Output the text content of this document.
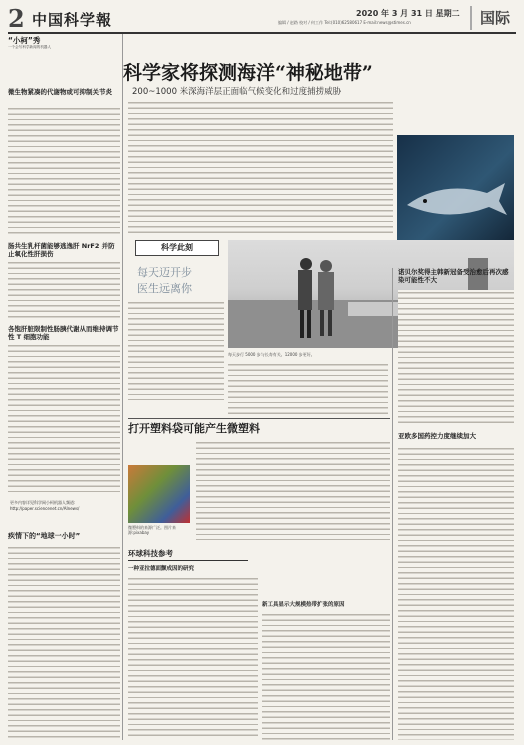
2 中国科学報	2020 年 3 月 31 日 星期二
编辑 / 赵路 校对 / 何工作 Tel:(010)62580617 E-mail:news@stimes.cn	国际
“小柯”秀
一个会写科学新闻的机器人
微生物紧凑的代谢物或可抑制关节炎
肠共生乳杆菌能够逃逸肝 NrF2 并防止氧化性肝损伤
各饱肝脏限制性肠胰代谢从而维持调节性 T 细胞功能
更多内容详见科学网小柯机器人频道:
http://paper.sciencenet.cn/AInews/
疾情下的“地球一小时”
科学家将探测海洋“神秘地带”
200~1000 米深海洋层正面临气候变化和过度捕捞威胁
科学此刻
每天迈开步
医生远离你
每天步行 5000 步与长寿有关。12000 步更好。
诺贝尔奖得主韩新冠备受治愈后再次感染可能性不大
亚欧多国药控力度继续加大
打开塑料袋可能产生微塑料
微塑料的来源广泛。图片来源:pixabay
环球科技参考
一种亚拉德面颤成因的研究
新工具显示大规模热带扩张的原因
